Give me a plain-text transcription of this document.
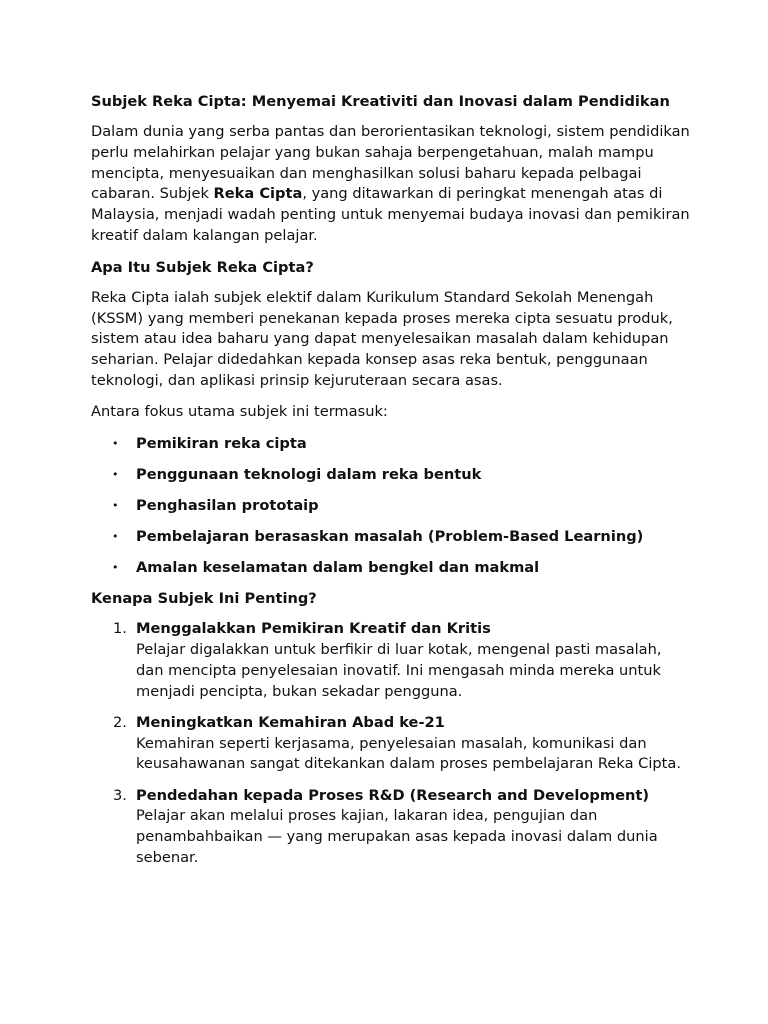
Subjek Reka Cipta: Menyemai Kreativiti dan Inovasi dalam Pendidikan

Dalam dunia yang serba pantas dan berorientasikan teknologi, sistem pendidikan perlu melahirkan pelajar yang bukan sahaja berpengetahuan, malah mampu mencipta, menyesuaikan dan menghasilkan solusi baharu kepada pelbagai cabaran. Subjek Reka Cipta, yang ditawarkan di peringkat menengah atas di Malaysia, menjadi wadah penting untuk menyemai budaya inovasi dan pemikiran kreatif dalam kalangan pelajar.

Apa Itu Subjek Reka Cipta?

Reka Cipta ialah subjek elektif dalam Kurikulum Standard Sekolah Menengah (KSSM) yang memberi penekanan kepada proses mereka cipta sesuatu produk, sistem atau idea baharu yang dapat menyelesaikan masalah dalam kehidupan seharian. Pelajar didedahkan kepada konsep asas reka bentuk, penggunaan teknologi, dan aplikasi prinsip kejuruteraan secara asas.

Antara fokus utama subjek ini termasuk:

• Pemikiran reka cipta
• Penggunaan teknologi dalam reka bentuk
• Penghasilan prototaip
• Pembelajaran berasaskan masalah (Problem-Based Learning)
• Amalan keselamatan dalam bengkel dan makmal
Kenapa Subjek Ini Penting?
1. Menggalakkan Pemikiran Kreatif dan Kritis
Pelajar digalakkan untuk berfikir di luar kotak, mengenal pasti masalah, dan mencipta penyelesaian inovatif. Ini mengasah minda mereka untuk menjadi pencipta, bukan sekadar pengguna.
2. Meningkatkan Kemahiran Abad ke-21
Kemahiran seperti kerjasama, penyelesaian masalah, komunikasi dan keusahawanan sangat ditekankan dalam proses pembelajaran Reka Cipta.
3. Pendedahan kepada Proses R&D (Research and Development)
Pelajar akan melalui proses kajian, lakaran idea, pengujian dan penambahbaikan — yang merupakan asas kepada inovasi dalam dunia sebenar.
